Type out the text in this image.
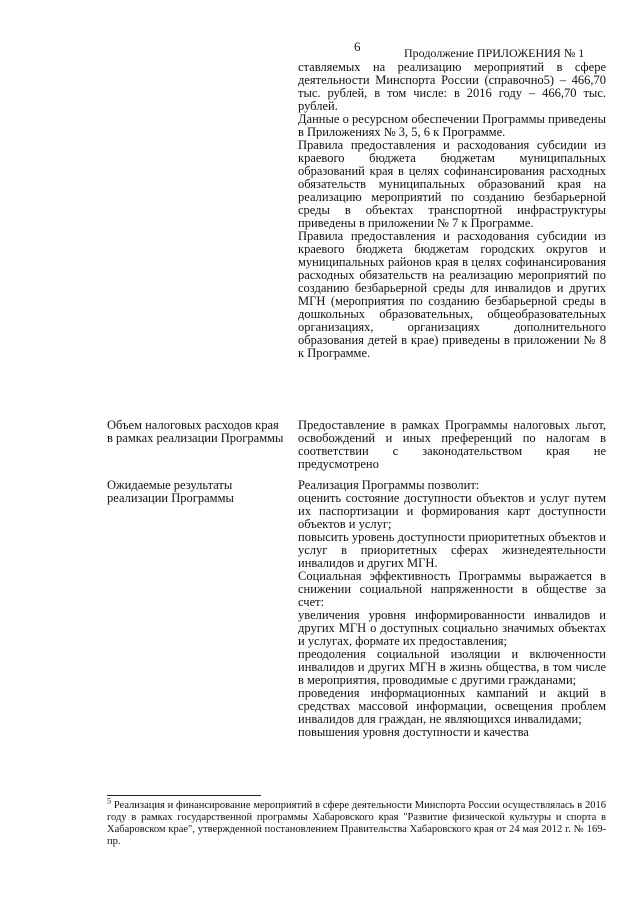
6	Продолжение ПРИЛОЖЕНИЯ № 1

ставляемых на реализацию мероприятий в сфере деятельности Минспорта России (справочно5) – 466,70 тыс. рублей, в том числе: в 2016 году – 466,70 тыс. рублей.

Данные о ресурсном обеспечении Программы приведены в Приложениях № 3, 5, 6 к Программе.

Правила предоставления и расходования субсидии из краевого бюджета бюджетам муниципальных образований края в целях софинансирования расходных обязательств муниципальных образований края на реализацию мероприятий по созданию безбарьерной среды в объектах транспортной инфраструктуры приведены в приложении № 7 к Программе.

Правила предоставления и расходования субсидии из краевого бюджета бюджетам городских округов и муниципальных районов края в целях софинансирования расходных обязательств на реализацию мероприятий по созданию безбарьерной среды для инвалидов и других МГН (мероприятия по созданию безбарьерной среды в дошкольных образовательных, общеобразовательных организациях, организациях дополнительного образования детей в крае) приведены в приложении № 8 к Программе.

Объем налоговых расходов края в рамках реализации Программы

Предоставление в рамках Программы налоговых льгот, освобождений и иных преференций по налогам в соответствии с законодательством края не предусмотрено

Ожидаемые результаты реализации Программы

Реализация Программы позволит:

оценить состояние доступности объектов и услуг путем их паспортизации и формирования карт доступности объектов и услуг;

повысить уровень доступности приоритетных объектов и услуг в приоритетных сферах жизнедеятельности инвалидов и других МГН.

Социальная эффективность Программы выражается в снижении социальной напряженности в обществе за счет:

увеличения уровня информированности инвалидов и других МГН о доступных социально значимых объектах и услугах, формате их предоставления;

преодоления социальной изоляции и включенности инвалидов и других МГН в жизнь общества, в том числе в мероприятия, проводимые с другими гражданами;

проведения информационных кампаний и акций в средствах массовой информации, освещения проблем инвалидов для граждан, не являющихся инвалидами;

повышения уровня доступности и качества

$^5$ Реализация и финансирование мероприятий в сфере деятельности Минспорта России осуществлялась в 2016 году в рамках государственной программы Хабаровского края "Развитие физической культуры и спорта в Хабаровском крае", утвержденной постановлением Правительства Хабаровского края от 24 мая 2012 г. № 169-пр.
